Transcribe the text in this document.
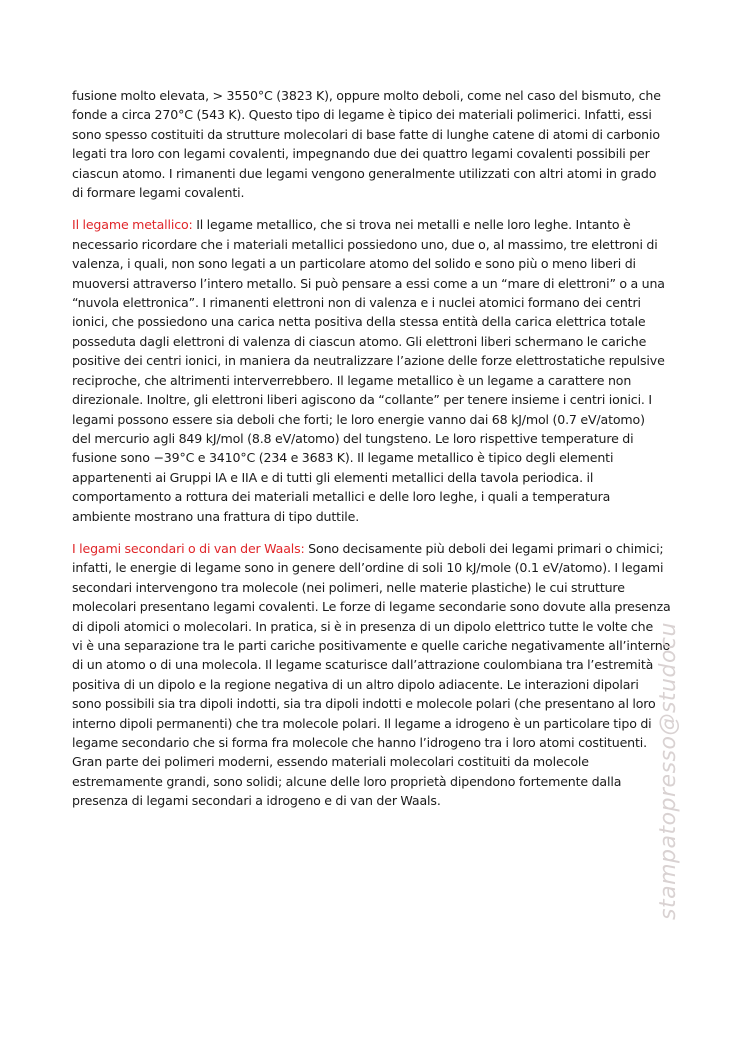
fusione molto elevata, > 3550°C (3823 K), oppure molto deboli, come nel caso del bismuto, che
fonde a circa 270°C (543 K). Questo tipo di legame è tipico dei materiali polimerici. Infatti, essi
sono spesso costituiti da strutture molecolari di base fatte di lunghe catene di atomi di carbonio
legati tra loro con legami covalenti, impegnando due dei quattro legami covalenti possibili per
ciascun atomo. I rimanenti due legami vengono generalmente utilizzati con altri atomi in grado
di formare legami covalenti.

Il legame metallico: Il legame metallico, che si trova nei metalli e nelle loro leghe. Intanto è
necessario ricordare che i materiali metallici possiedono uno, due o, al massimo, tre elettroni di
valenza, i quali, non sono legati a un particolare atomo del solido e sono più o meno liberi di
muoversi attraverso l’intero metallo. Si può pensare a essi come a un “mare di elettroni” o a una
“nuvola elettronica”. I rimanenti elettroni non di valenza e i nuclei atomici formano dei centri
ionici, che possiedono una carica netta positiva della stessa entità della carica elettrica totale
posseduta dagli elettroni di valenza di ciascun atomo. Gli elettroni liberi schermano le cariche
positive dei centri ionici, in maniera da neutralizzare l’azione delle forze elettrostatiche repulsive
reciproche, che altrimenti interverrebbero. Il legame metallico è un legame a carattere non
direzionale. Inoltre, gli elettroni liberi agiscono da “collante” per tenere insieme i centri ionici. I
legami possono essere sia deboli che forti; le loro energie vanno dai 68 kJ/mol (0.7 eV/atomo)
del mercurio agli 849 kJ/mol (8.8 eV/atomo) del tungsteno. Le loro rispettive temperature di
fusione sono −39°C e 3410°C (234 e 3683 K). Il legame metallico è tipico degli elementi
appartenenti ai Gruppi IA e IIA e di tutti gli elementi metallici della tavola periodica. il
comportamento a rottura dei materiali metallici e delle loro leghe, i quali a temperatura
ambiente mostrano una frattura di tipo duttile.

I legami secondari o di van der Waals: Sono decisamente più deboli dei legami primari o chimici;
infatti, le energie di legame sono in genere dell’ordine di soli 10 kJ/mole (0.1 eV/atomo). I legami
secondari intervengono tra molecole (nei polimeri, nelle materie plastiche) le cui strutture
molecolari presentano legami covalenti. Le forze di legame secondarie sono dovute alla presenza
di dipoli atomici o molecolari. In pratica, si è in presenza di un dipolo elettrico tutte le volte che
vi è una separazione tra le parti cariche positivamente e quelle cariche negativamente all’interno
di un atomo o di una molecola. Il legame scaturisce dall’attrazione coulombiana tra l’estremità
positiva di un dipolo e la regione negativa di un altro dipolo adiacente. Le interazioni dipolari
sono possibili sia tra dipoli indotti, sia tra dipoli indotti e molecole polari (che presentano al loro
interno dipoli permanenti) che tra molecole polari. Il legame a idrogeno è un particolare tipo di
legame secondario che si forma fra molecole che hanno l’idrogeno tra i loro atomi costituenti.
Gran parte dei polimeri moderni, essendo materiali molecolari costituiti da molecole
estremamente grandi, sono solidi; alcune delle loro proprietà dipendono fortemente dalla
presenza di legami secondari a idrogeno e di van der Waals.	stampatopresso@studocu
